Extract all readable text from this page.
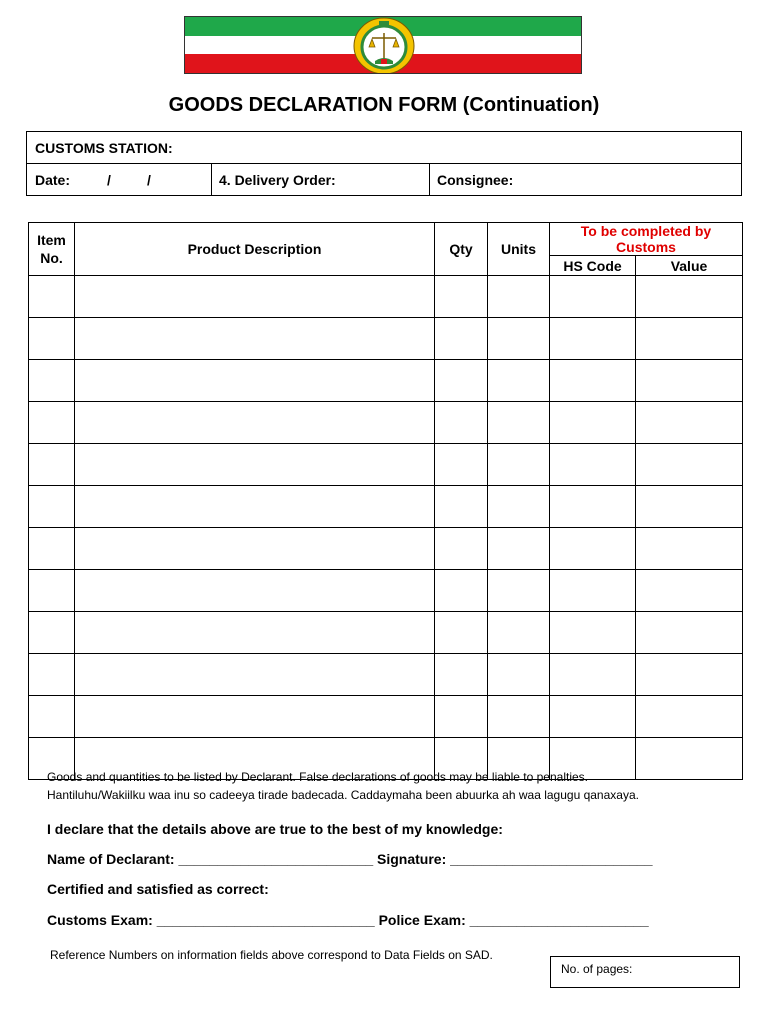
GOODS DECLARATION FORM (Continuation)
CUSTOMS STATION:
Date:	/	/	4. Delivery Order:	Consignee:
Item No.	Product Description	Qty	Units	To be completed by Customs	
				HS Code	Value

Goods and quantities to be listed by Declarant. False declarations of goods may be liable to penalties.
Hantiluhu/Wakiilku waa inu so cadeeya tirade badecada. Caddaymaha been abuurka ah waa lagugu qanaxaya.
I declare that the details above are true to the best of my knowledge:
Name of Declarant: _________________________ Signature: __________________________
Certified and satisfied as correct:
Customs Exam: ____________________________ Police Exam: _______________________
Reference Numbers on information fields above correspond to Data Fields on SAD.
No. of pages:
